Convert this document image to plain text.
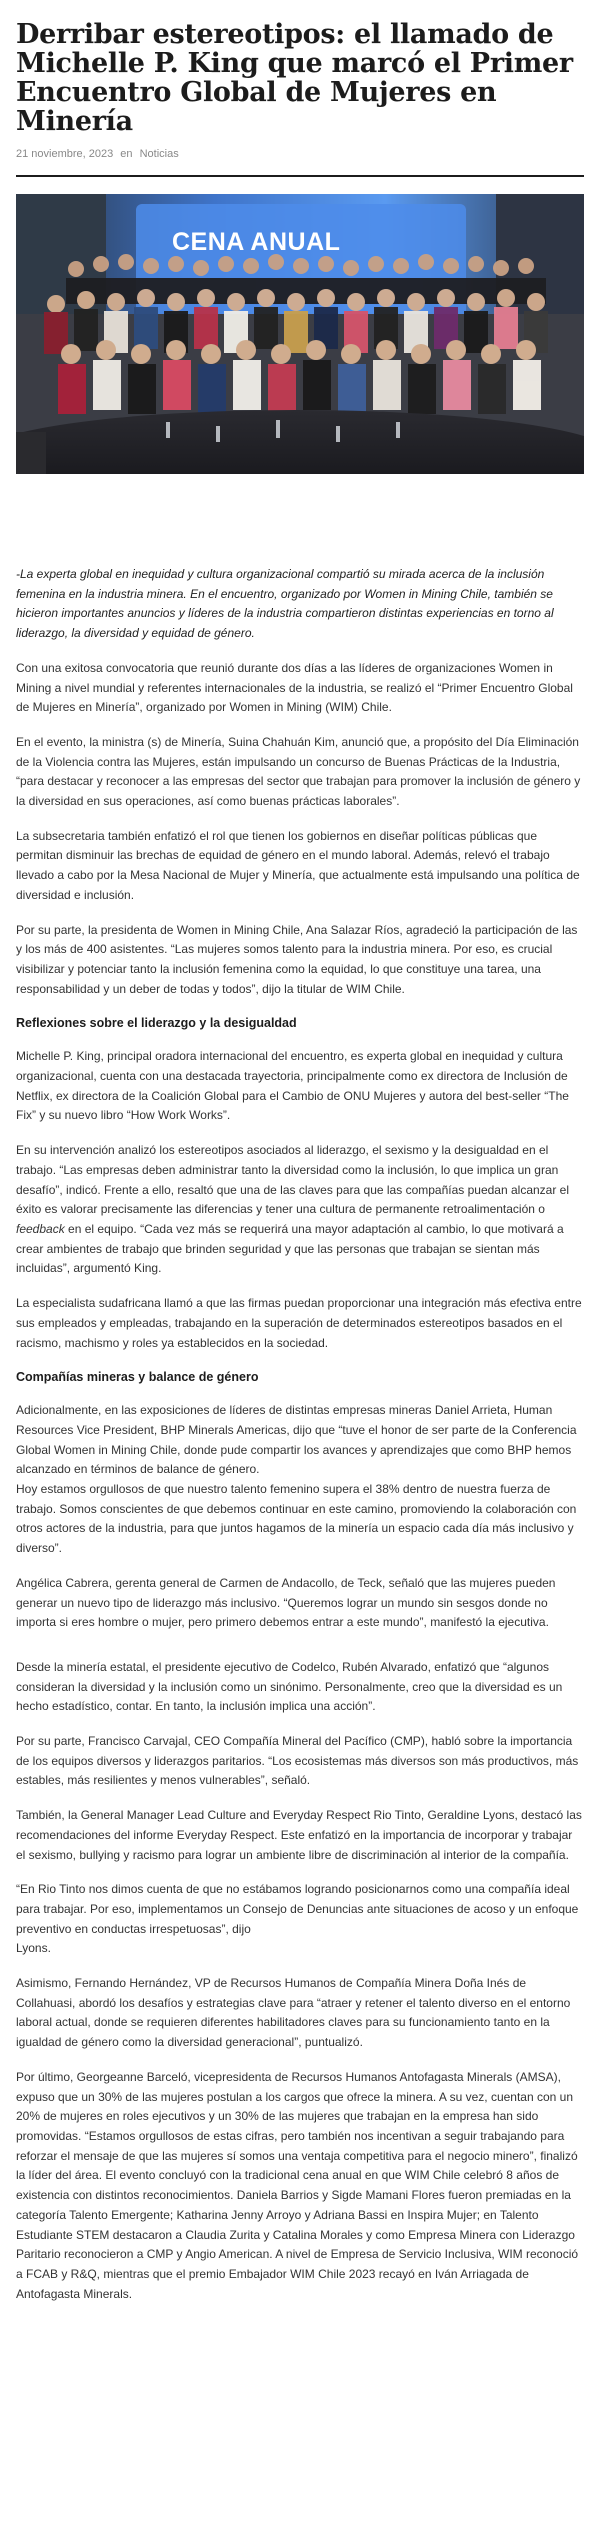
Derribar estereotipos: el llamado de Michelle P. King que marcó el Primer Encuentro Global de Mujeres en Minería
21 noviembre, 2023 en Noticias
CENA ANUAL

-La experta global en inequidad y cultura organizacional compartió su mirada acerca de la inclusión femenina en la industria minera. En el encuentro, organizado por Women in Mining Chile, también se hicieron importantes anuncios y líderes de la industria compartieron distintas experiencias en torno al liderazgo, la diversidad y equidad de género.

Con una exitosa convocatoria que reunió durante dos días a las líderes de organizaciones Women in Mining a nivel mundial y referentes internacionales de la industria, se realizó el “Primer Encuentro Global de Mujeres en Minería”, organizado por Women in Mining (WIM) Chile.

En el evento, la ministra (s) de Minería, Suina Chahuán Kim, anunció que, a propósito del Día Eliminación de la Violencia contra las Mujeres, están impulsando un concurso de Buenas Prácticas de la Industria, “para destacar y reconocer a las empresas del sector que trabajan para promover la inclusión de género y la diversidad en sus operaciones, así como buenas prácticas laborales”.

La subsecretaria también enfatizó el rol que tienen los gobiernos en diseñar políticas públicas que permitan disminuir las brechas de equidad de género en el mundo laboral. Además, relevó el trabajo llevado a cabo por la Mesa Nacional de Mujer y Minería, que actualmente está impulsando una política de diversidad e inclusión.

Por su parte, la presidenta de Women in Mining Chile, Ana Salazar Ríos, agradeció la participación de las y los más de 400 asistentes. “Las mujeres somos talento para la industria minera. Por eso, es crucial visibilizar y potenciar tanto la inclusión femenina como la equidad, lo que constituye una tarea, una responsabilidad y un deber de todas y todos”, dijo la titular de WIM Chile.

Reflexiones sobre el liderazgo y la desigualdad

Michelle P. King, principal oradora internacional del encuentro, es experta global en inequidad y cultura organizacional, cuenta con una destacada trayectoria, principalmente como ex directora de Inclusión de Netflix, ex directora de la Coalición Global para el Cambio de ONU Mujeres y autora del best-seller “The Fix” y su nuevo libro “How Work Works”.

En su intervención analizó los estereotipos asociados al liderazgo, el sexismo y la desigualdad en el trabajo. “Las empresas deben administrar tanto la diversidad como la inclusión, lo que implica un gran desafío”, indicó. Frente a ello, resaltó que una de las claves para que las compañías puedan alcanzar el éxito es valorar precisamente las diferencias y tener una cultura de permanente retroalimentación o feedback en el equipo. “Cada vez más se requerirá una mayor adaptación al cambio, lo que motivará a crear ambientes de trabajo que brinden seguridad y que las personas que trabajan se sientan más incluidas”, argumentó King.

La especialista sudafricana llamó a que las firmas puedan proporcionar una integración más efectiva entre sus empleados y empleadas, trabajando en la superación de determinados estereotipos basados en el racismo, machismo y roles ya establecidos en la sociedad.

Compañías mineras y balance de género

Adicionalmente, en las exposiciones de líderes de distintas empresas mineras Daniel Arrieta, Human Resources Vice President, BHP Minerals Americas, dijo que “tuve el honor de ser parte de la Conferencia Global Women in Mining Chile, donde pude compartir los avances y aprendizajes que como BHP hemos alcanzado en términos de balance de género.
Hoy estamos orgullosos de que nuestro talento femenino supera el 38% dentro de nuestra fuerza de trabajo. Somos conscientes de que debemos continuar en este camino, promoviendo la colaboración con otros actores de la industria, para que juntos hagamos de la minería un espacio cada día más inclusivo y diverso”.

Angélica Cabrera, gerenta general de Carmen de Andacollo, de Teck, señaló que las mujeres pueden generar un nuevo tipo de liderazgo más inclusivo. “Queremos lograr un mundo sin sesgos donde no importa si eres hombre o mujer, pero primero debemos entrar a este mundo”, manifestó la ejecutiva.

Desde la minería estatal, el presidente ejecutivo de Codelco, Rubén Alvarado, enfatizó que “algunos consideran la diversidad y la inclusión como un sinónimo. Personalmente, creo que la diversidad es un hecho estadístico, contar. En tanto, la inclusión implica una acción”.

Por su parte, Francisco Carvajal, CEO Compañía Mineral del Pacífico (CMP), habló sobre la importancia de los equipos diversos y liderazgos paritarios. “Los ecosistemas más diversos son más productivos, más estables, más resilientes y menos vulnerables”, señaló.

También, la General Manager Lead Culture and Everyday Respect Rio Tinto, Geraldine Lyons, destacó las recomendaciones del informe Everyday Respect. Este enfatizó en la importancia de incorporar y trabajar el sexismo, bullying y racismo para lograr un ambiente libre de discriminación al interior de la compañía.

“En Rio Tinto nos dimos cuenta de que no estábamos logrando posicionarnos como una compañía ideal para trabajar. Por eso, implementamos un Consejo de Denuncias ante situaciones de acoso y un enfoque preventivo en conductas irrespetuosas”, dijo
Lyons.

Asimismo, Fernando Hernández, VP de Recursos Humanos de Compañía Minera Doña Inés de Collahuasi, abordó los desafíos y estrategias clave para “atraer y retener el talento diverso en el entorno laboral actual, donde se requieren diferentes habilitadores claves para su funcionamiento tanto en la igualdad de género como la diversidad generacional”, puntualizó.

Por último, Georgeanne Barceló, vicepresidenta de Recursos Humanos Antofagasta Minerals (AMSA), expuso que un 30% de las mujeres postulan a los cargos que ofrece la minera. A su vez, cuentan con un 20% de mujeres en roles ejecutivos y un 30% de las mujeres que trabajan en la empresa han sido promovidas. “Estamos orgullosos de estas cifras, pero también nos incentivan a seguir trabajando para reforzar el mensaje de que las mujeres sí somos una ventaja competitiva para el negocio minero”, finalizó la líder del área. El evento concluyó con la tradicional cena anual en que WIM Chile celebró 8 años de existencia con distintos reconocimientos. Daniela Barrios y Sigde Mamani Flores fueron premiadas en la categoría Talento Emergente; Katharina Jenny Arroyo y Adriana Bassi en Inspira Mujer; en Talento Estudiante STEM destacaron a Claudia Zurita y Catalina Morales y como Empresa Minera con Liderazgo Paritario reconocieron a CMP y Angio American. A nivel de Empresa de Servicio Inclusiva, WIM reconoció a FCAB y R&Q, mientras que el premio Embajador WIM Chile 2023 recayó en Iván Arriagada de Antofagasta Minerals.
